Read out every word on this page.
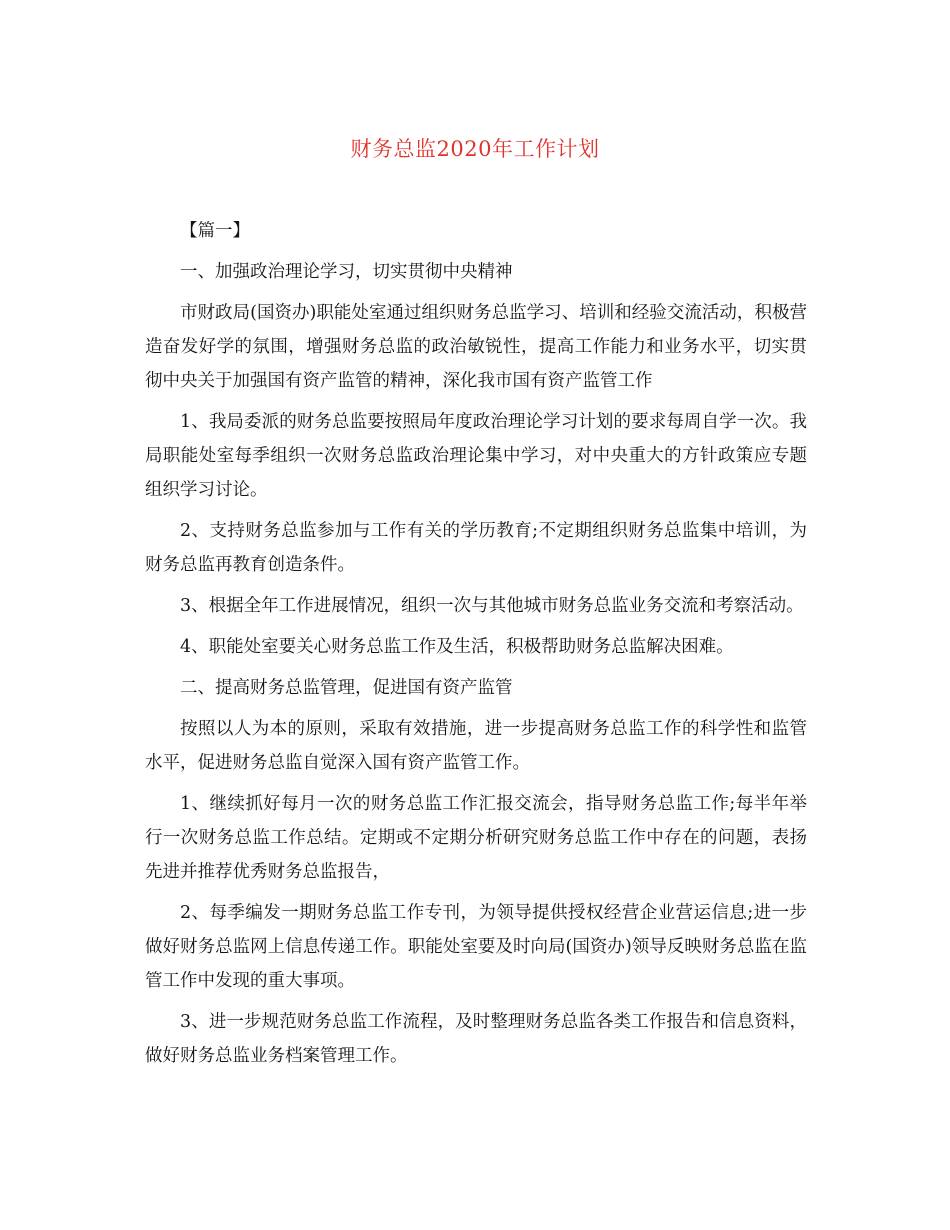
财务总监2020年工作计划

【篇一】

一、加强政治理论学习，切实贯彻中央精神

市财政局(国资办)职能处室通过组织财务总监学习、培训和经验交流活动，积极营造奋发好学的氛围，增强财务总监的政治敏锐性，提高工作能力和业务水平，切实贯彻中央关于加强国有资产监管的精神，深化我市国有资产监管工作

1、我局委派的财务总监要按照局年度政治理论学习计划的要求每周自学一次。我局职能处室每季组织一次财务总监政治理论集中学习，对中央重大的方针政策应专题组织学习讨论。

2、支持财务总监参加与工作有关的学历教育;不定期组织财务总监集中培训，为财务总监再教育创造条件。

3、根据全年工作进展情况，组织一次与其他城市财务总监业务交流和考察活动。

4、职能处室要关心财务总监工作及生活，积极帮助财务总监解决困难。

二、提高财务总监管理，促进国有资产监管

按照以人为本的原则，采取有效措施，进一步提高财务总监工作的科学性和监管水平，促进财务总监自觉深入国有资产监管工作。

1、继续抓好每月一次的财务总监工作汇报交流会，指导财务总监工作;每半年举行一次财务总监工作总结。定期或不定期分析研究财务总监工作中存在的问题，表扬先进并推荐优秀财务总监报告，

2、每季编发一期财务总监工作专刊，为领导提供授权经营企业营运信息;进一步做好财务总监网上信息传递工作。职能处室要及时向局(国资办)领导反映财务总监在监管工作中发现的重大事项。

3、进一步规范财务总监工作流程，及时整理财务总监各类工作报告和信息资料，做好财务总监业务档案管理工作。
